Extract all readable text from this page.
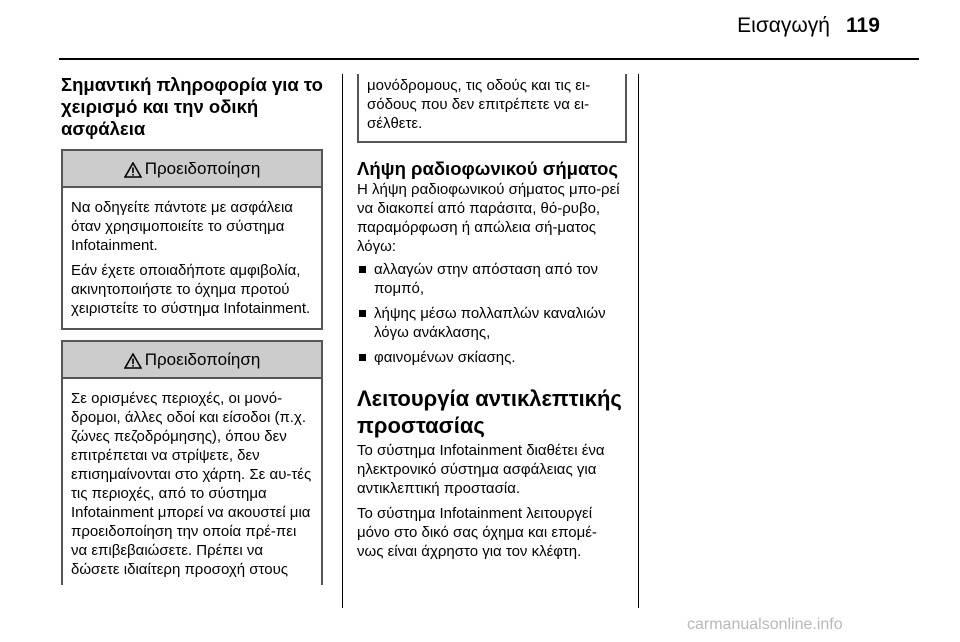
Εισαγωγή 119
Σημαντική πληροφορία για το χειρισμό και την οδική ασφάλεια
Προειδοποίηση

Να οδηγείτε πάντοτε με ασφάλεια όταν χρησιμοποιείτε το σύστημα Infotainment.

Εάν έχετε οποιαδήποτε αμφιβολία, ακινητοποιήστε το όχημα προτού χειριστείτε το σύστημα Infotainment.

Προειδοποίηση

Σε ορισμένες περιοχές, οι μονό-δρομοι, άλλες οδοί και είσοδοι (π.χ. ζώνες πεζοδρόμησης), όπου δεν επιτρέπεται να στρίψετε, δεν επισημαίνονται στο χάρτη. Σε αυ-τές τις περιοχές, από το σύστημα Infotainment μπορεί να ακουστεί μια προειδοποίηση την οποία πρέ-πει να επιβεβαιώσετε. Πρέπει να δώσετε ιδιαίτερη προσοχή στους

μονόδρομους, τις οδούς και τις ει-σόδους που δεν επιτρέπετε να ει-σέλθετε.
Λήψη ραδιοφωνικού σήματος

Η λήψη ραδιοφωνικού σήματος μπο-ρεί να διακοπεί από παράσιτα, θό-ρυβο, παραμόρφωση ή απώλεια σή-ματος λόγω:

αλλαγών στην απόσταση από τον πομπό,
λήψης μέσω πολλαπλών καναλιών λόγω ανάκλασης,
φαινομένων σκίασης.
Λειτουργία αντικλεπτικής προστασίας

Το σύστημα Infotainment διαθέτει ένα ηλεκτρονικό σύστημα ασφάλειας για αντικλεπτική προστασία.

Το σύστημα Infotainment λειτουργεί μόνο στο δικό σας όχημα και επομέ-νως είναι άχρηστο για τον κλέφτη.

carmanualsonline.info
